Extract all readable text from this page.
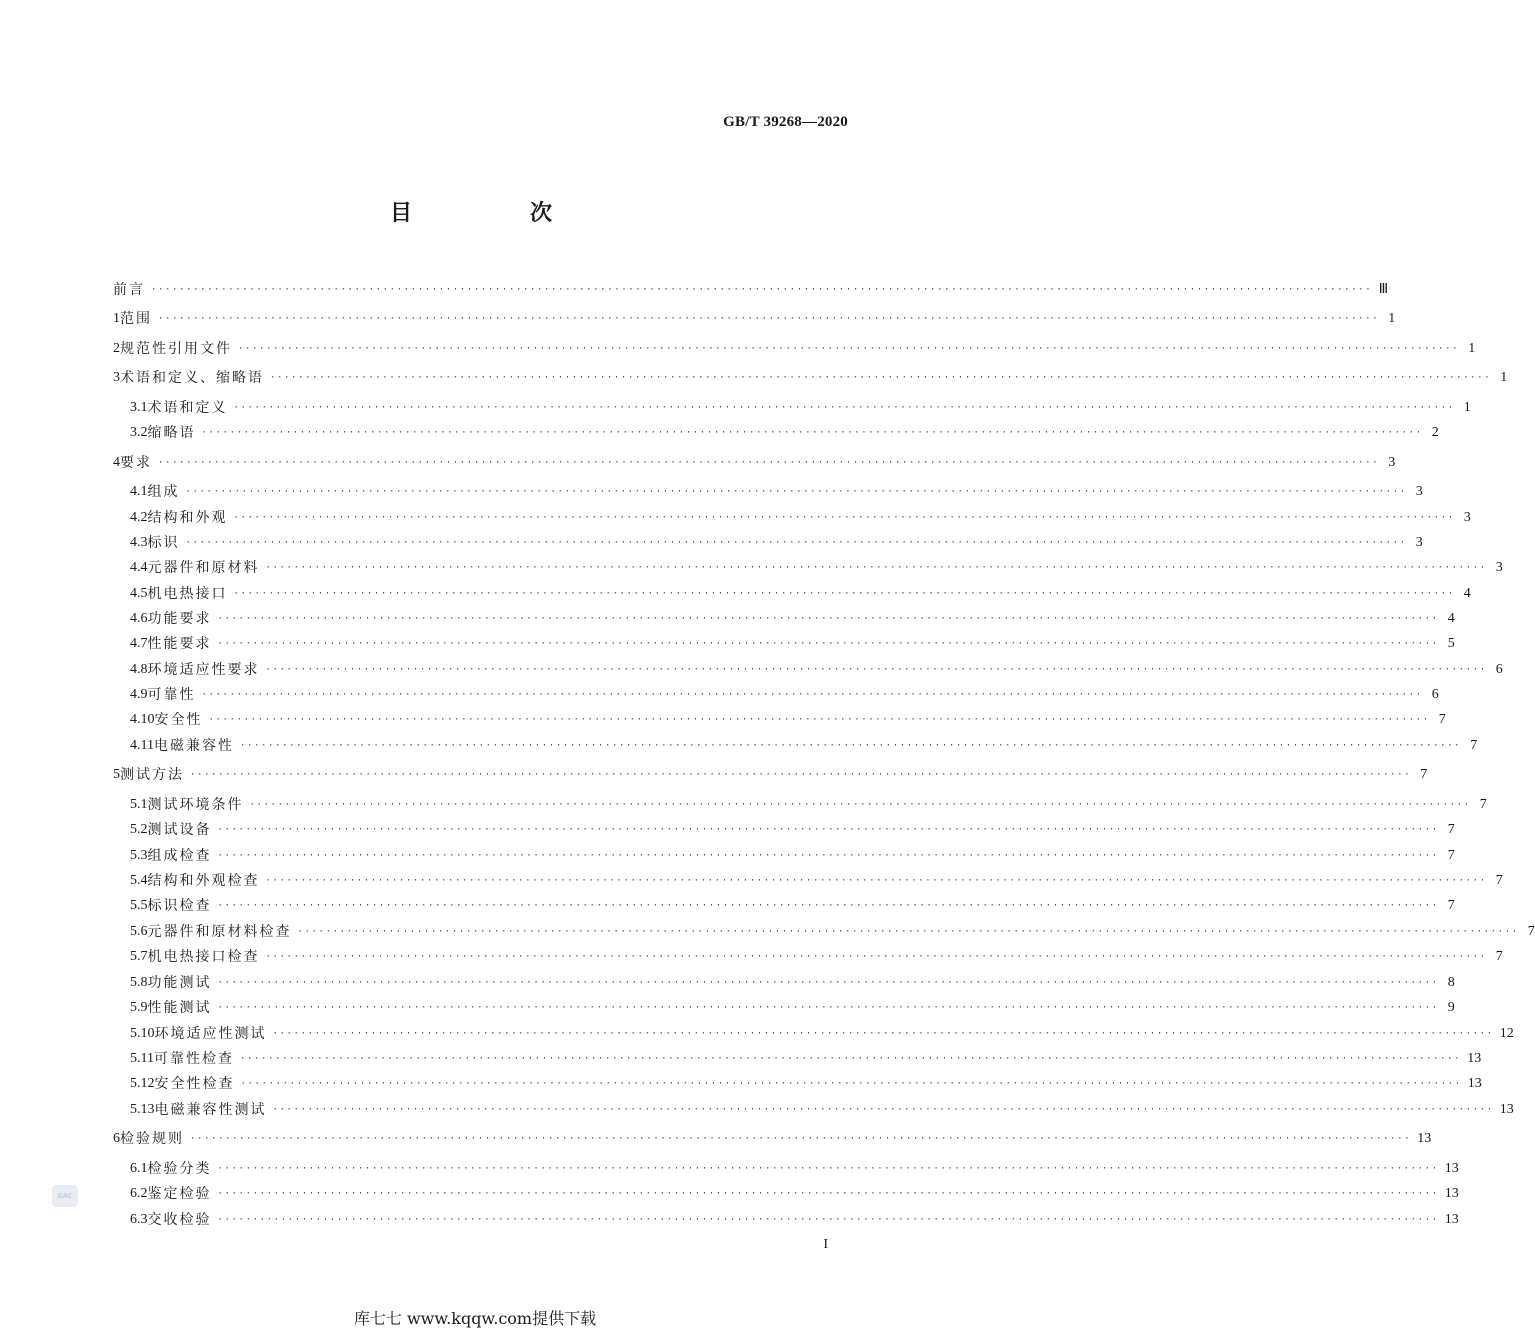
GB/T 39268—2020
目　次
前言 ·············································································································································································· Ⅲ
1 范围 ·············································································································································································· 1
2 规范性引用文件 ·············································································································································································· 1
3 术语和定义、缩略语 ·············································································································································································· 1
3.1 术语和定义 ·············································································································································································· 1
3.2 缩略语 ·············································································································································································· 2
4 要求 ·············································································································································································· 3
4.1 组成 ·············································································································································································· 3
4.2 结构和外观 ·············································································································································································· 3
4.3 标识 ·············································································································································································· 3
4.4 元器件和原材料 ·············································································································································································· 3
4.5 机电热接口 ·············································································································································································· 4
4.6 功能要求 ·············································································································································································· 4
4.7 性能要求 ·············································································································································································· 5
4.8 环境适应性要求 ·············································································································································································· 6
4.9 可靠性 ·············································································································································································· 6
4.10 安全性 ·············································································································································································· 7
4.11 电磁兼容性 ·············································································································································································· 7
5 测试方法 ·············································································································································································· 7
5.1 测试环境条件 ·············································································································································································· 7
5.2 测试设备 ·············································································································································································· 7
5.3 组成检查 ·············································································································································································· 7
5.4 结构和外观检查 ·············································································································································································· 7
5.5 标识检查 ·············································································································································································· 7
5.6 元器件和原材料检查 ·············································································································································································· 7
5.7 机电热接口检查 ·············································································································································································· 7
5.8 功能测试 ·············································································································································································· 8
5.9 性能测试 ·············································································································································································· 9
5.10 环境适应性测试 ·············································································································································································· 12
5.11 可靠性检查 ·············································································································································································· 13
5.12 安全性检查 ·············································································································································································· 13
5.13 电磁兼容性测试 ·············································································································································································· 13
6 检验规则 ·············································································································································································· 13
6.1 检验分类 ·············································································································································································· 13
6.2 鉴定检验 ·············································································································································································· 13
6.3 交收检验 ·············································································································································································· 13
SAC
I
库七七 www.kqqw.com提供下载
